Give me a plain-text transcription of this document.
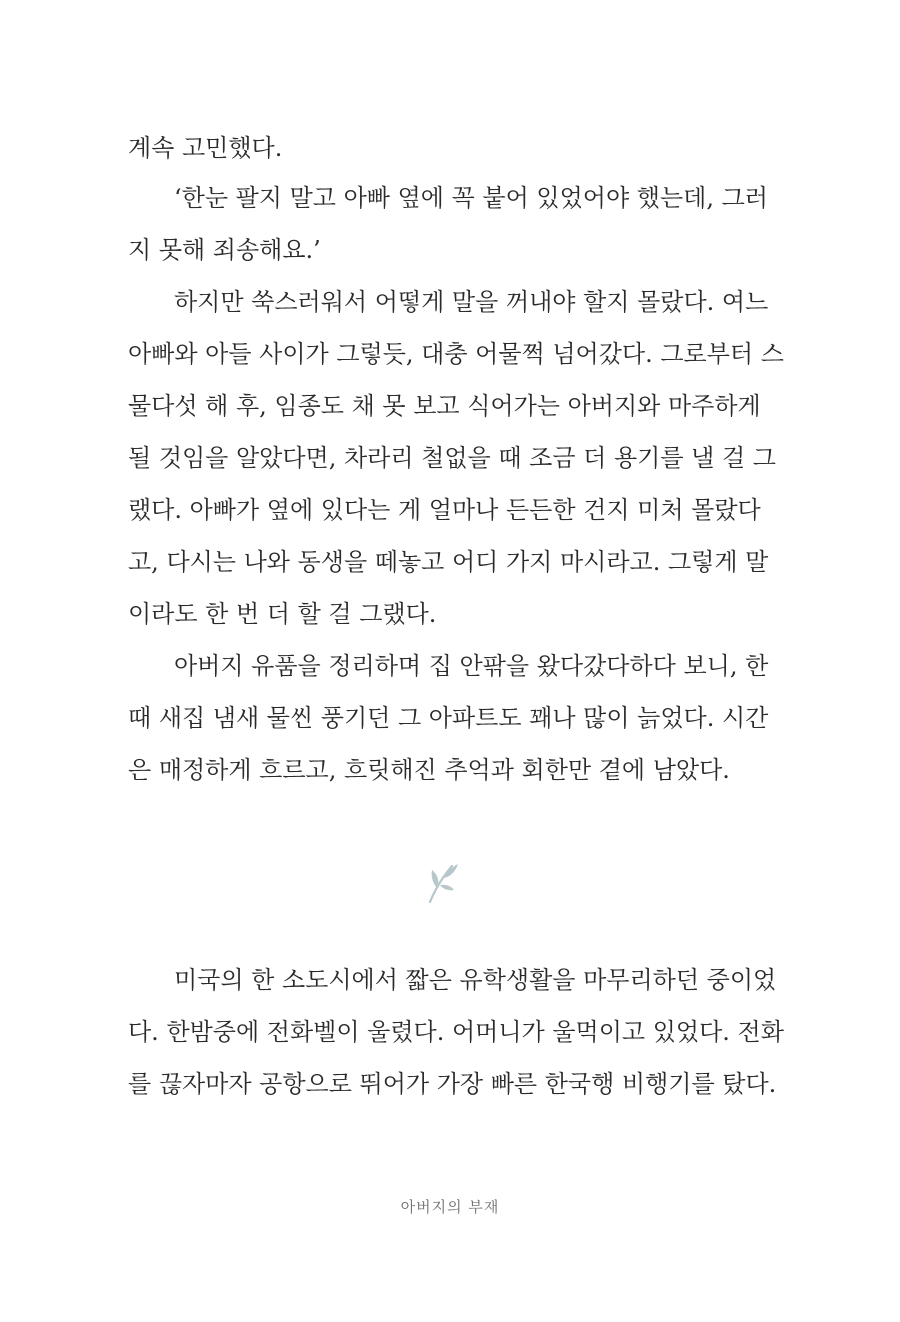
계속 고민했다.
‘한눈 팔지 말고 아빠 옆에 꼭 붙어 있었어야 했는데, 그러
지 못해 죄송해요.’
하지만 쑥스러워서 어떻게 말을 꺼내야 할지 몰랐다. 여느
아빠와 아들 사이가 그렇듯, 대충 어물쩍 넘어갔다. 그로부터 스
물다섯 해 후, 임종도 채 못 보고 식어가는 아버지와 마주하게
될 것임을 알았다면, 차라리 철없을 때 조금 더 용기를 낼 걸 그
랬다. 아빠가 옆에 있다는 게 얼마나 든든한 건지 미처 몰랐다
고, 다시는 나와 동생을 떼놓고 어디 가지 마시라고. 그렇게 말
이라도 한 번 더 할 걸 그랬다.
아버지 유품을 정리하며 집 안팎을 왔다갔다하다 보니, 한
때 새집 냄새 물씬 풍기던 그 아파트도 꽤나 많이 늙었다. 시간
은 매정하게 흐르고, 흐릿해진 추억과 회한만 곁에 남았다.
미국의 한 소도시에서 짧은 유학생활을 마무리하던 중이었
다. 한밤중에 전화벨이 울렸다. 어머니가 울먹이고 있었다. 전화
를 끊자마자 공항으로 뛰어가 가장 빠른 한국행 비행기를 탔다.
아버지의 부재
